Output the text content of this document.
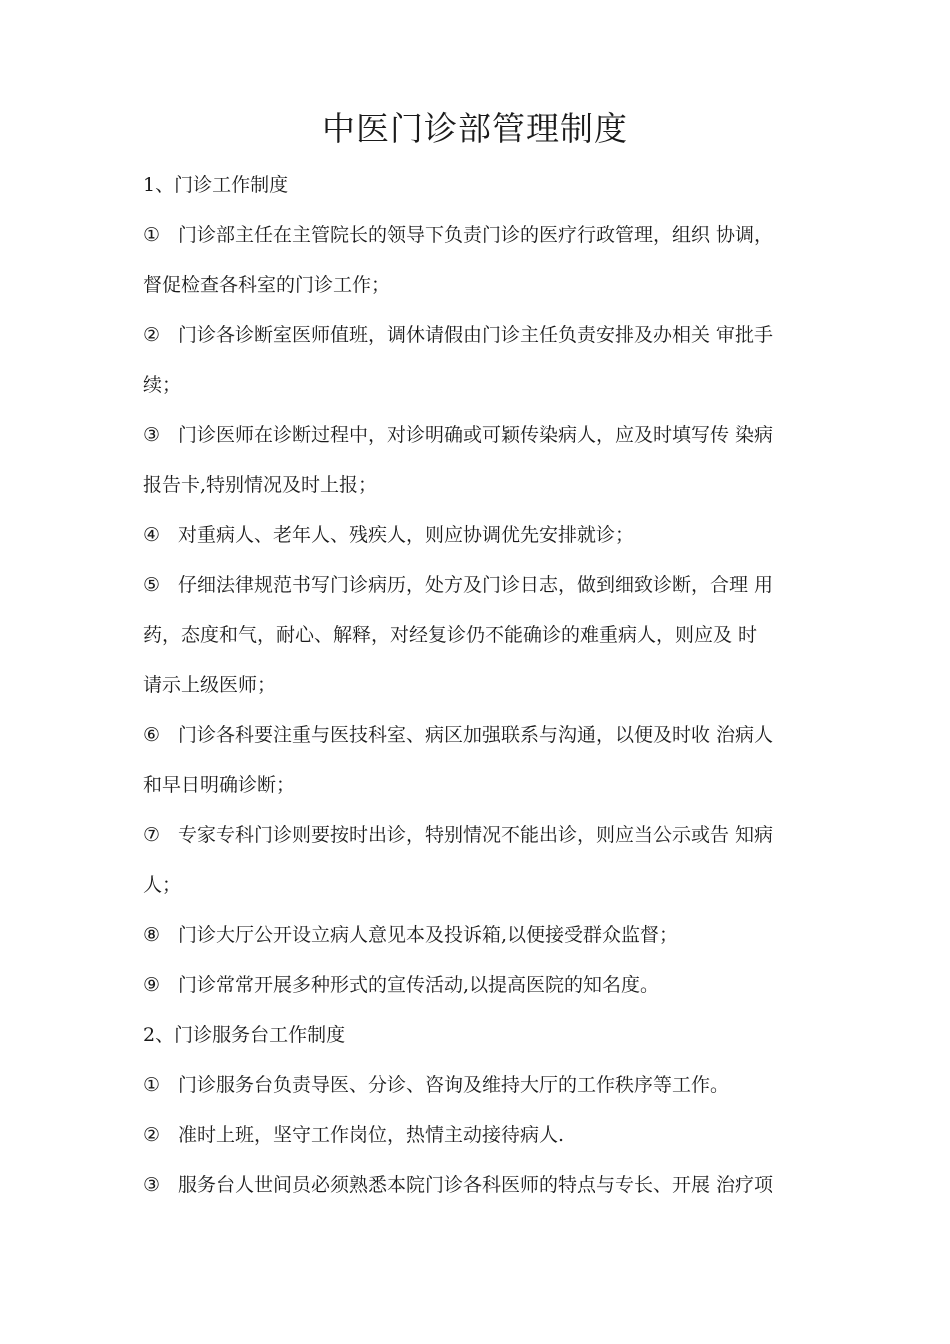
中医门诊部管理制度

1、门诊工作制度

① 门诊部主任在主管院长的领导下负责门诊的医疗行政管理，组织 协调，

督促检查各科室的门诊工作；

② 门诊各诊断室医师值班，调休请假由门诊主任负责安排及办相关 审批手

续；

③ 门诊医师在诊断过程中，对诊明确或可颖传染病人，应及时填写传 染病

报告卡,特别情况及时上报；

④ 对重病人、老年人、残疾人，则应协调优先安排就诊；

⑤ 仔细法律规范书写门诊病历，处方及门诊日志，做到细致诊断，合理 用

药，态度和气，耐心、解释，对经复诊仍不能确诊的难重病人，则应及 时

请示上级医师；

⑥ 门诊各科要注重与医技科室、病区加强联系与沟通，以便及时收 治病人

和早日明确诊断；

⑦ 专家专科门诊则要按时出诊，特别情况不能出诊，则应当公示或告 知病

人；

⑧ 门诊大厅公开设立病人意见本及投诉箱,以便接受群众监督；

⑨ 门诊常常开展多种形式的宣传活动,以提高医院的知名度。

2、门诊服务台工作制度

① 门诊服务台负责导医、分诊、咨询及维持大厅的工作秩序等工作。

② 准时上班，坚守工作岗位，热情主动接待病人.

③ 服务台人世间员必须熟悉本院门诊各科医师的特点与专长、开展 治疗项
